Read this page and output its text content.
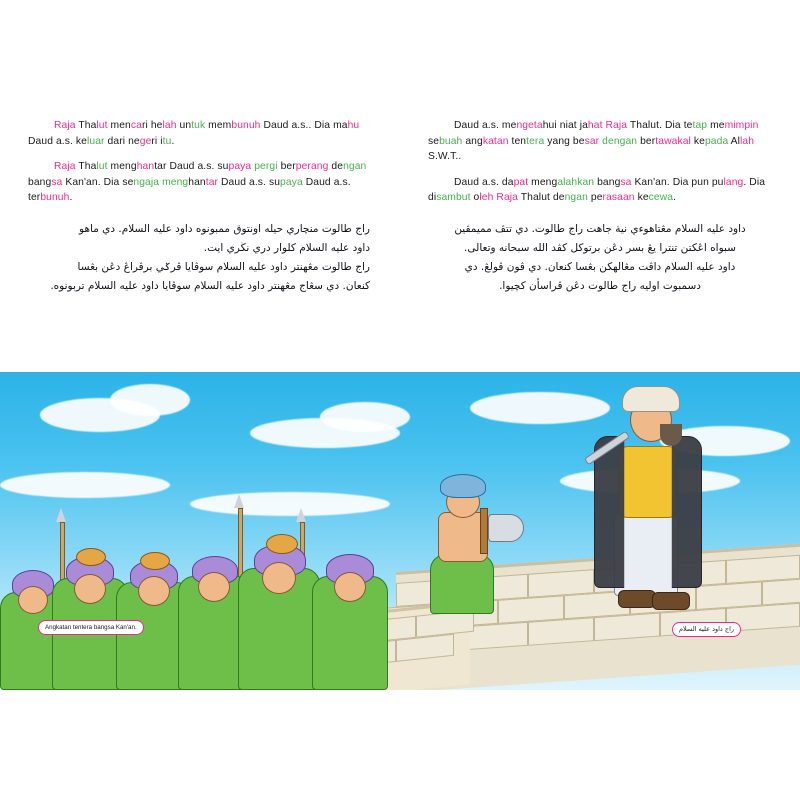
Raja Thalut mencari helah untuk membunuh Daud a.s.. Dia mahu Daud a.s. keluar dari negeri itu.

Raja Thalut menghantar Daud a.s. supaya pergi berperang dengan bangsa Kan'an. Dia sengaja menghantar Daud a.s. supaya Daud a.s. terbunuh.

راج طالوت منچاري حيله اونتوق ممبونوه داود عليه السلام. دي ماهو
داود عليه السلام کلوار دري نڬري ايت.
راج طالوت مڠهنتر داود عليه السلام سوڤايا ڤرݢي برڤراڠ دڠن بڠسا
کنعان. دي سڠاج مڠهنتر داود عليه السلام سوڤايا داود عليه السلام تربونوه.

Daud a.s. mengetahui niat jahat Raja Thalut. Dia tetap memimpin sebuah angkatan tentera yang besar dengan bertawakal kepada Allah S.W.T..

Daud a.s. dapat mengalahkan bangsa Kan'an. Dia pun pulang. Dia disambut oleh Raja Thalut dengan perasaan kecewa.

داود عليه السلام مڠتاهوءي نية جاهت راج طالوت. دي تتڤ مميمڤين
سبواه اڠکتن تنترا يڠ بسر دڠن برتوکل کڤد الله سبحانه وتعالى.
داود عليه السلام داڤت مڠالهکن بڠسا کنعان. دي ڤون ڤولڠ. دي
دسمبوت اوليه راج طالوت دڠن ڤراسأن کچيوا.
Angkatan tentera bangsa Kan'an.	راج داود عليه السلام
